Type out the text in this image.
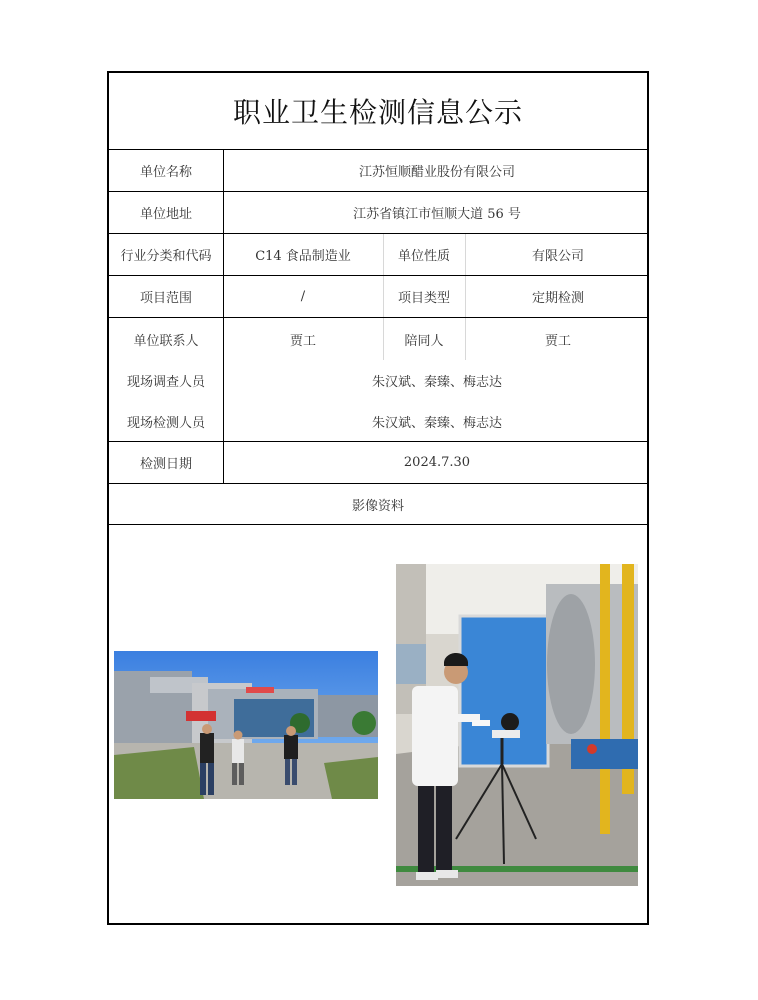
职业卫生检测信息公示
单位名称	江苏恒顺醋业股份有限公司
单位地址	江苏省镇江市恒顺大道 56 号
行业分类和代码	C14 食品制造业	单位性质	有限公司
项目范围	/	项目类型	定期检测
单位联系人	贾工	陪同人	贾工
现场调查人员	朱汉斌、秦臻、梅志达
现场检测人员	朱汉斌、秦臻、梅志达
检测日期	2024.7.30
影像资料
